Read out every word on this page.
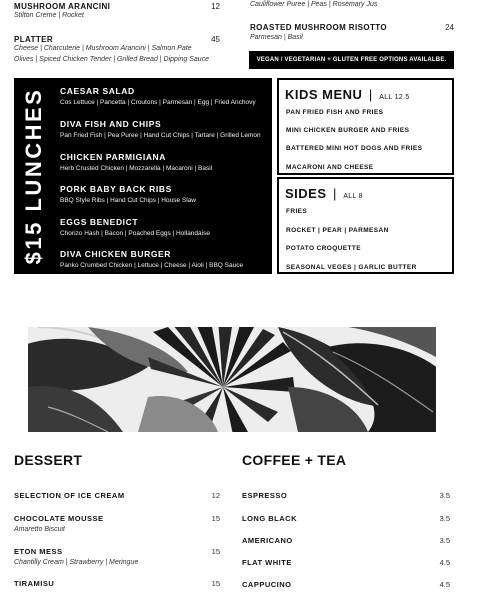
MUSHROOM ARANCINI	12
Stilton Creme | Rocket
PLATTER	45
Cheese | Charcuterie | Mushroom Arancini | Salmon Pate
Olives | Spiced Chicken Tender | Grilled Bread | Dipping Sauce
Cauliflower Puree | Peas | Rosemary Jus
ROASTED MUSHROOM RISOTTO	24
Parmesan | Basil
VEGAN / VEGETARIAN + GLUTEN FREE OPTIONS AVAILALBE.
$15 LUNCHES CAESAR SALAD
Cos Lettuce | Pancetta | Croutons | Parmesan | Egg | Fried Anchovy
DIVA FISH AND CHIPS
Pan Fried Fish | Pea Puree | Hand Cut Chips | Tartare | Grilled Lemon
CHICKEN PARMIGIANA
Herb Crusted Chicken | Mozzarella | Macaroni | Basil
PORK BABY BACK RIBS
BBQ Style Ribs | Hand Cut Chips | House Slaw
EGGS BENEDICT
Chorizo Hash | Bacon | Poached Eggs | Hollandaise
DIVA CHICKEN BURGER
Panko Crumbed Chicken | Lettuce | Cheese | Aioli | BBQ Sauce
KIDS MENU | ALL 12.5
PAN FRIED FISH AND FRIES
MINI CHICKEN BURGER AND FRIES
BATTERED MINI HOT DOGS AND FRIES
MACARONI AND CHEESE
SIDES | ALL 8
FRIES
ROCKET | PEAR | PARMESAN
POTATO CROQUETTE
SEASONAL VEGES | GARLIC BUTTER
DESSERT
SELECTION OF ICE CREAM	12
CHOCOLATE MOUSSE	15
Amaretto Biscuit
ETON MESS	15
Chantilly Cream | Strawberry | Meringue
TIRAMISU	15
COFFEE + TEA
ESPRESSO	3.5
LONG BLACK	3.5
AMERICANO	3.5
FLAT WHITE	4.5
CAPPUCINO	4.5
